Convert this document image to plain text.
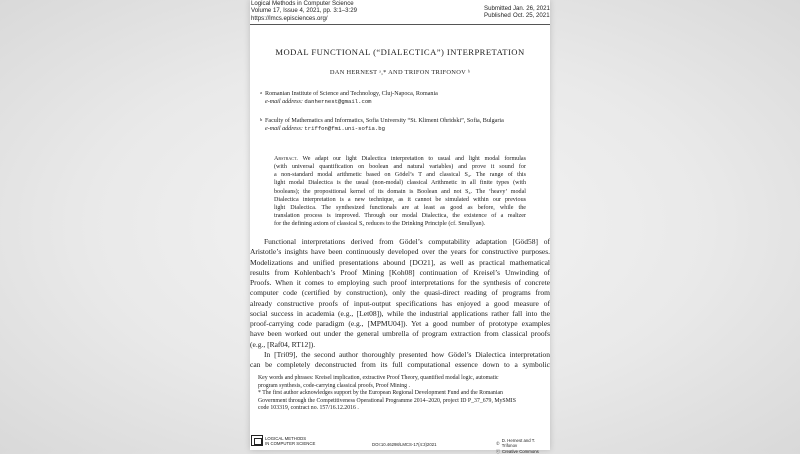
Logical Methods in Computer Science
Volume 17, Issue 4, 2021, pp. 3:1–3:29
https://lmcs.episciences.org/
Submitted Jan. 26, 2021
Published Oct. 25, 2021
MODAL FUNCTIONAL (“DIALECTICA”) INTERPRETATION
DAN HERNEST ᵃ,* AND TRIFON TRIFONOV ᵇ
a Romanian Institute of Science and Technology, Cluj-Napoca, Romania
e-mail address: danhernest@gmail.com
b Faculty of Mathematics and Informatics, Sofia University “St. Kliment Ohridski”, Sofia, Bulgaria
e-mail address: triffon@fmi.uni-sofia.bg
Abstract. We adapt our light Dialectica interpretation to usual and light modal formulas
(with universal quantification on boolean and natural variables) and prove it sound for
a non-standard modal arithmetic based on Gödel’s T and classical S₄. The range of this
light modal Dialectica is the usual (non-modal) classical Arithmetic in all finite types (with
booleans); the propositional kernel of its domain is Boolean and not S₄. The ‘heavy’ modal
Dialectica interpretation is a new technique, as it cannot be simulated within our previous
light Dialectica. The synthesized functionals are at least as good as before, while the
translation process is improved. Through our modal Dialectica, the existence of a realizer
for the defining axiom of classical S₅ reduces to the Drinking Principle (cf. Smullyan).
Functional interpretations derived from Gödel’s computability adaptation [Göd58] of
Aristotle’s insights have been continuously developed over the years for constructive purposes.
Modelizations and unified presentations abound [DO21], as well as practical mathematical
results from Kohlenbach’s Proof Mining [Koh08] continuation of Kreisel’s Unwinding of
Proofs. When it comes to employing such proof interpretations for the synthesis of concrete
computer code (certified by construction), only the quasi-direct reading of programs from
already constructive proofs of input-output specifications has enjoyed a good measure of
social success in academia (e.g., [Let08]), while the industrial applications rather fall into the
proof-carrying code paradigm (e.g., [MPMU04]). Yet a good number of prototype examples
have been worked out under the general umbrella of program extraction from classical proofs
(e.g., [Raf04, RT12]).
In [Tri09], the second author thoroughly presented how Gödel’s Dialectica interpretation
can be completely deconstructed from its full computational essence down to a symbolic
Key words and phrases: Kreisel implication, extractive Proof Theory, quantified modal logic, automatic
program synthesis, code-carrying classical proofs, Proof Mining .
* The first author acknowledges support by the European Regional Development Fund and the Romanian
Government through the Competitiveness Operational Programme 2014–2020, project ID P_37_679, MySMIS
code 103319, contract no. 157/16.12.2016 .
LOGICAL METHODS
IN COMPUTER SCIENCE	DOI:10.46298/LMCS-17(4:3)2021	©
D. Hernest and T. Trifonov
ⓒ Creative Commons
